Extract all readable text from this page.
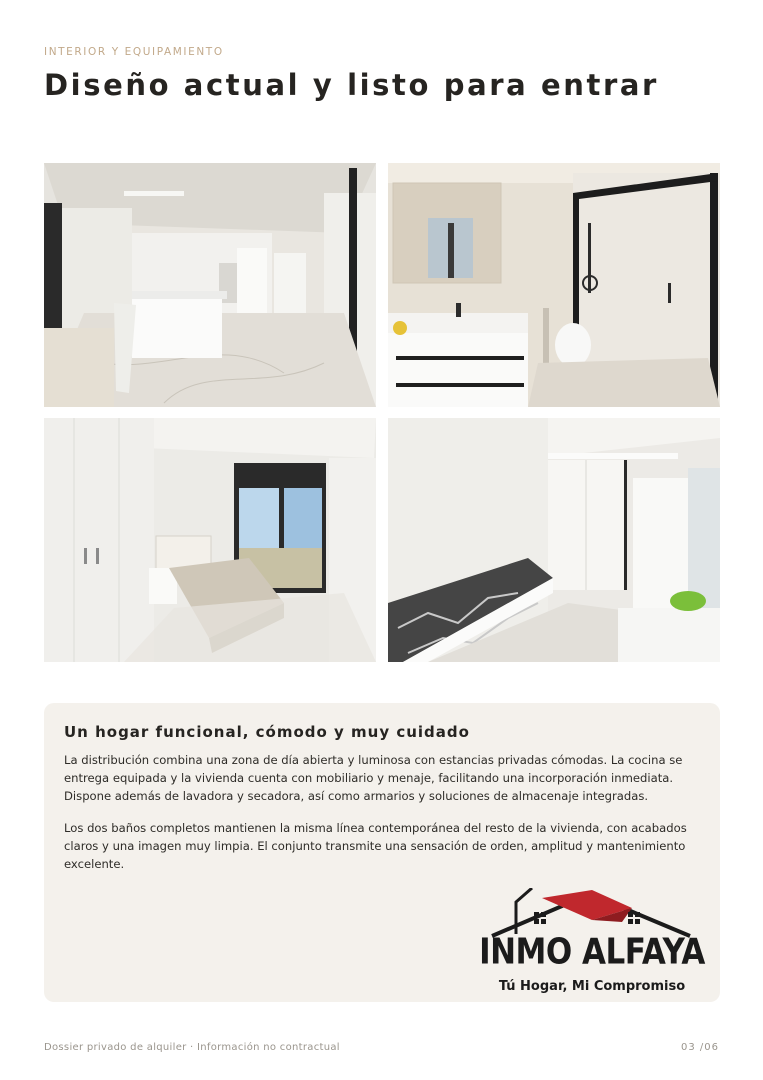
INTERIOR Y EQUIPAMIENTO
Diseño actual y listo para entrar
Un hogar funcional, cómodo y muy cuidado

La distribución combina una zona de día abierta y luminosa con estancias privadas cómodas. La cocina se entrega equipada y la vivienda cuenta con mobiliario y menaje, facilitando una incorporación inmediata. Dispone además de lavadora y secadora, así como armarios y soluciones de almacenaje integradas.

Los dos baños completos mantienen la misma línea contemporánea del resto de la vivienda, con acabados claros y una imagen muy limpia. El conjunto transmite una sensación de orden, amplitud y mantenimiento excelente.

INMO ALFAYA
Tú Hogar, Mi Compromiso
Dossier privado de alquiler · Información no contractual	03 /06
